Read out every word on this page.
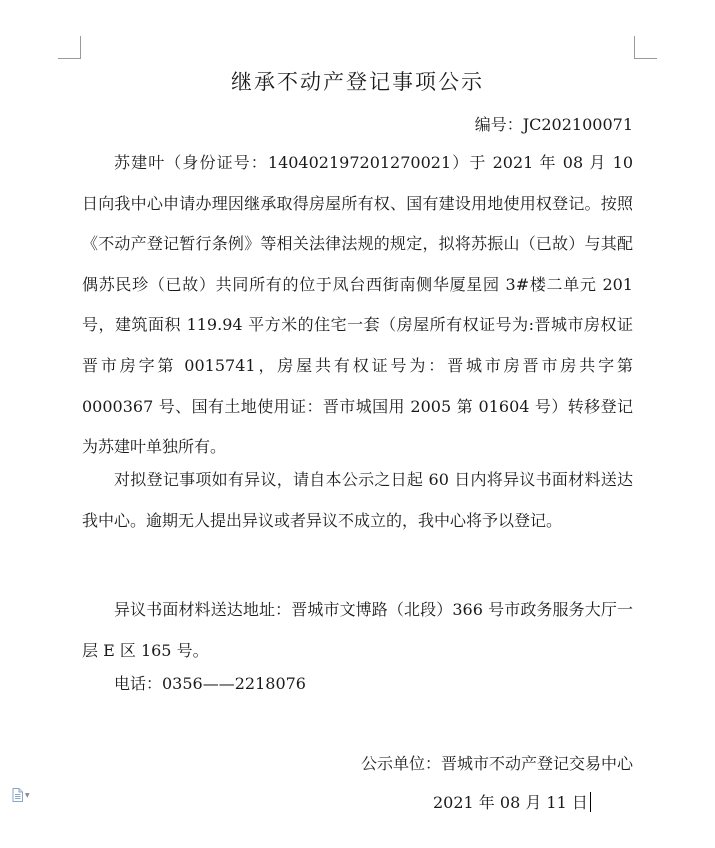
继承不动产登记事项公示
编号：JC202100071

苏建叶（身份证号：140402197201270021）于 2021 年 08 月 10 日向我中心申请办理因继承取得房屋所有权、国有建设用地使用权登记。按照《不动产登记暂行条例》等相关法律法规的规定，拟将苏振山（已故）与其配偶苏民珍（已故）共同所有的位于凤台西街南侧华厦星园 3#楼二单元 201 号，建筑面积 119.94 平方米的住宅一套（房屋所有权证号为:晋城市房权证晋市房字第 0015741，房屋共有权证号为：晋城市房晋市房共字第 0000367 号、国有土地使用证：晋市城国用 2005 第 01604 号）转移登记为苏建叶单独所有。

对拟登记事项如有异议，请自本公示之日起 60 日内将异议书面材料送达我中心。逾期无人提出异议或者异议不成立的，我中心将予以登记。

异议书面材料送达地址：晋城市文博路（北段）366 号市政务服务大厅一层 E 区 165 号。

电话：0356——2218076

公示单位：晋城市不动产登记交易中心
2021 年 08 月 11 日
▼
